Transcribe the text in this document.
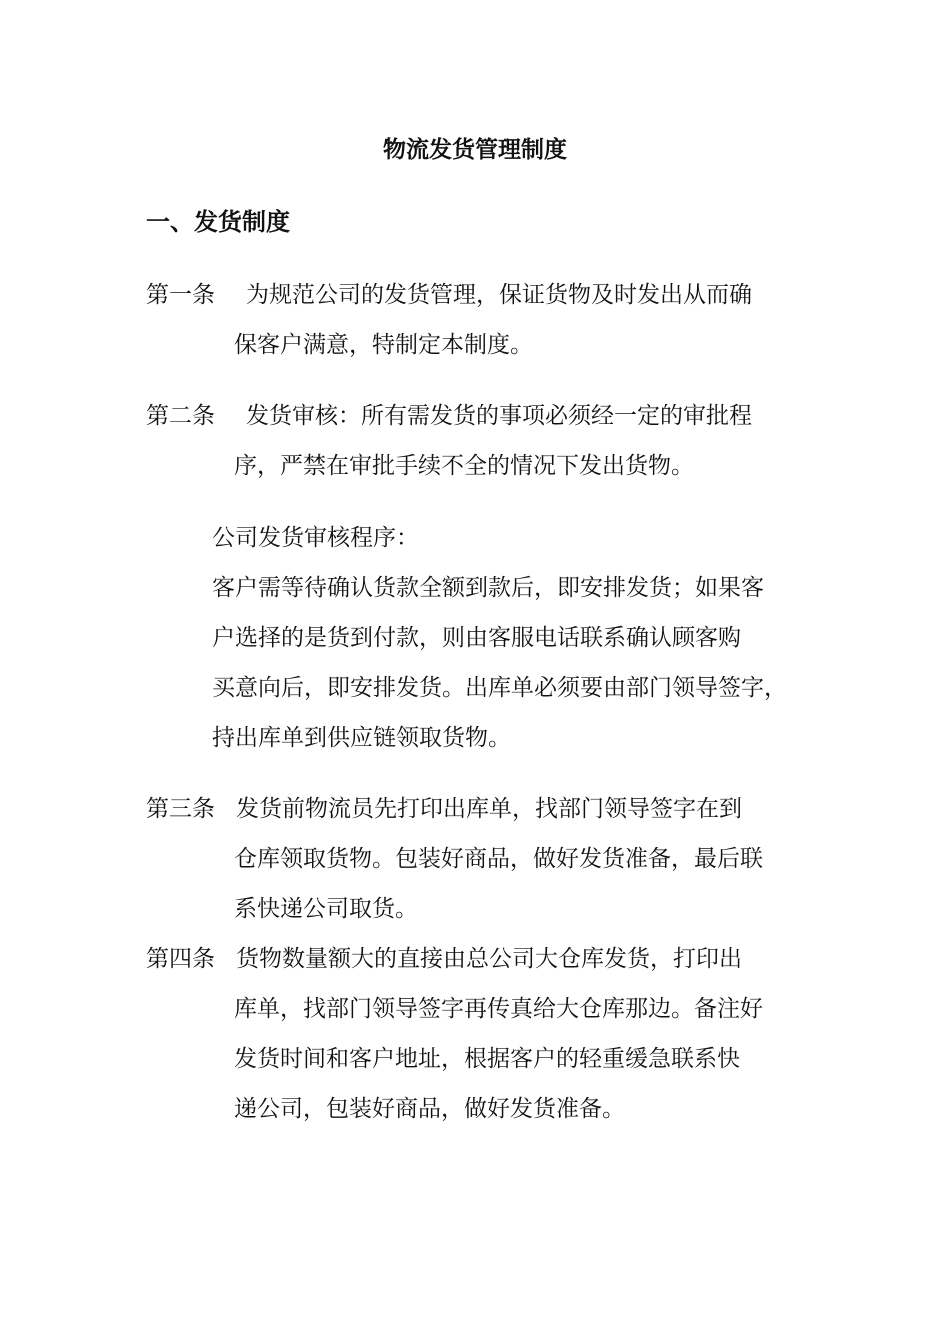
物流发货管理制度
一、发货制度
第一条 为规范公司的发货管理，保证货物及时发出从而确
保客户满意，特制定本制度。
第二条 发货审核：所有需发货的事项必须经一定的审批程
序，严禁在审批手续不全的情况下发出货物。
公司发货审核程序：
客户需等待确认货款全额到款后，即安排发货；如果客
户选择的是货到付款，则由客服电话联系确认顾客购
买意向后，即安排发货。出库单必须要由部门领导签字，
持出库单到供应链领取货物。
第三条 发货前物流员先打印出库单，找部门领导签字在到
仓库领取货物。包装好商品，做好发货准备，最后联
系快递公司取货。
第四条 货物数量额大的直接由总公司大仓库发货，打印出
库单，找部门领导签字再传真给大仓库那边。备注好
发货时间和客户地址，根据客户的轻重缓急联系快
递公司，包装好商品，做好发货准备。
